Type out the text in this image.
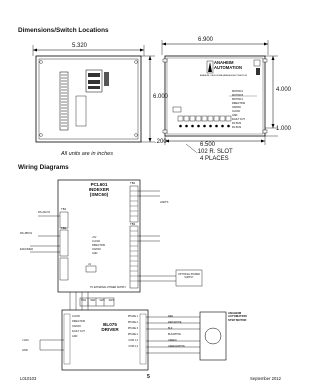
Dimensions/Switch Locations
MOTOR A
MOTOR B
MOTOR C
DIRECTION
ON/OFF
CLOCK
GND
FAULT OUT
DC BUS
DC BUS
5.320
6.900
6.000
4.000
1.000
.200	6.500
.102 R. SLOT
4 PLACES
All units are in inches
ANAHEIM
AUTOMATION
ANAHEIM, CALIFORNIA (ANAHEIM-AUTOMATION)
Wiring Diagrams
PCL601
INDEXER
(SMC60)
BL075
DRIVER
TB1
TB2
TB4
TB3
J1
RS-232 IN
RS-485 IN
ENCODER
LIMITS
OPTIONAL POWER SUPPLY
TO EXTERNAL POWER SUPPLY
SW1 SW2 SW3 SW4
+5V
CLOCK
DIRECTION
ON/OFF
GND
CLOCK
DIRECTION
ON/OFF
FAULT OUT
GND
PHASE 1
PHASE 2
PHASE 3
PHASE 4
COM 1,3
COM 2,4
RED
RED/WHITE
BLK
BLK/WHITE
GREEN
GREEN/WHITE
ANAHEIM
AUTOMATION
STEP MOTOR
+VDC
GND
L010103	5	September 2012
